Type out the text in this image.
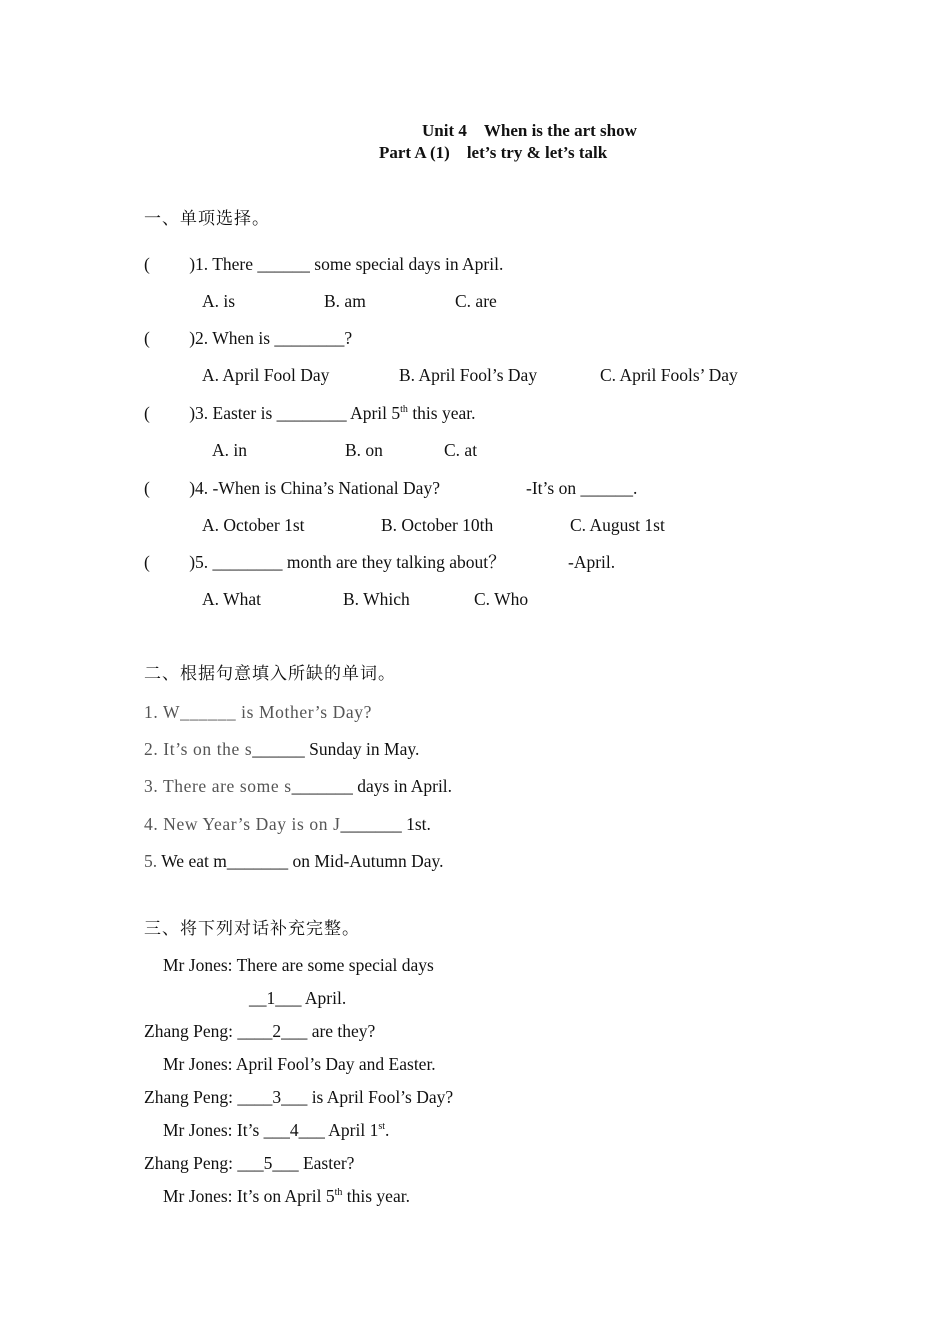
Unit 4    When is the art show
Part A (1)    let’s try & let’s talk
一、单项选择。
(         )1. There ______ some special days in April.
A. is	B. am	C. are
(         )2. When is ________?
A. April Fool Day	B. April Fool’s Day	C. April Fools’ Day
(         )3. Easter is ________ April 5th this year.
A. in	B. on	C. at
(         )4. -When is China’s National Day?	-It’s on ______.
A. October 1st	B. October 10th	C. August 1st
(         )5. ________ month are they talking about？	-April.
A. What	B. Which	C. Who
二、根据句意填入所缺的单词。
1. W______ is Mother’s Day?
2. It’s on the s______ Sunday in May.
3. There are some s_______ days in April.
4. New Year’s Day is on J_______ 1st.
5. We eat m_______ on Mid-Autumn Day.
三、将下列对话补充完整。
Mr Jones: There are some special days
__1___ April.
Zhang Peng: ____2___ are they?
Mr Jones: April Fool’s Day and Easter.
Zhang Peng: ____3___ is April Fool’s Day?
Mr Jones: It’s ___4___ April 1st.
Zhang Peng: ___5___ Easter?
Mr Jones: It’s on April 5th this year.
